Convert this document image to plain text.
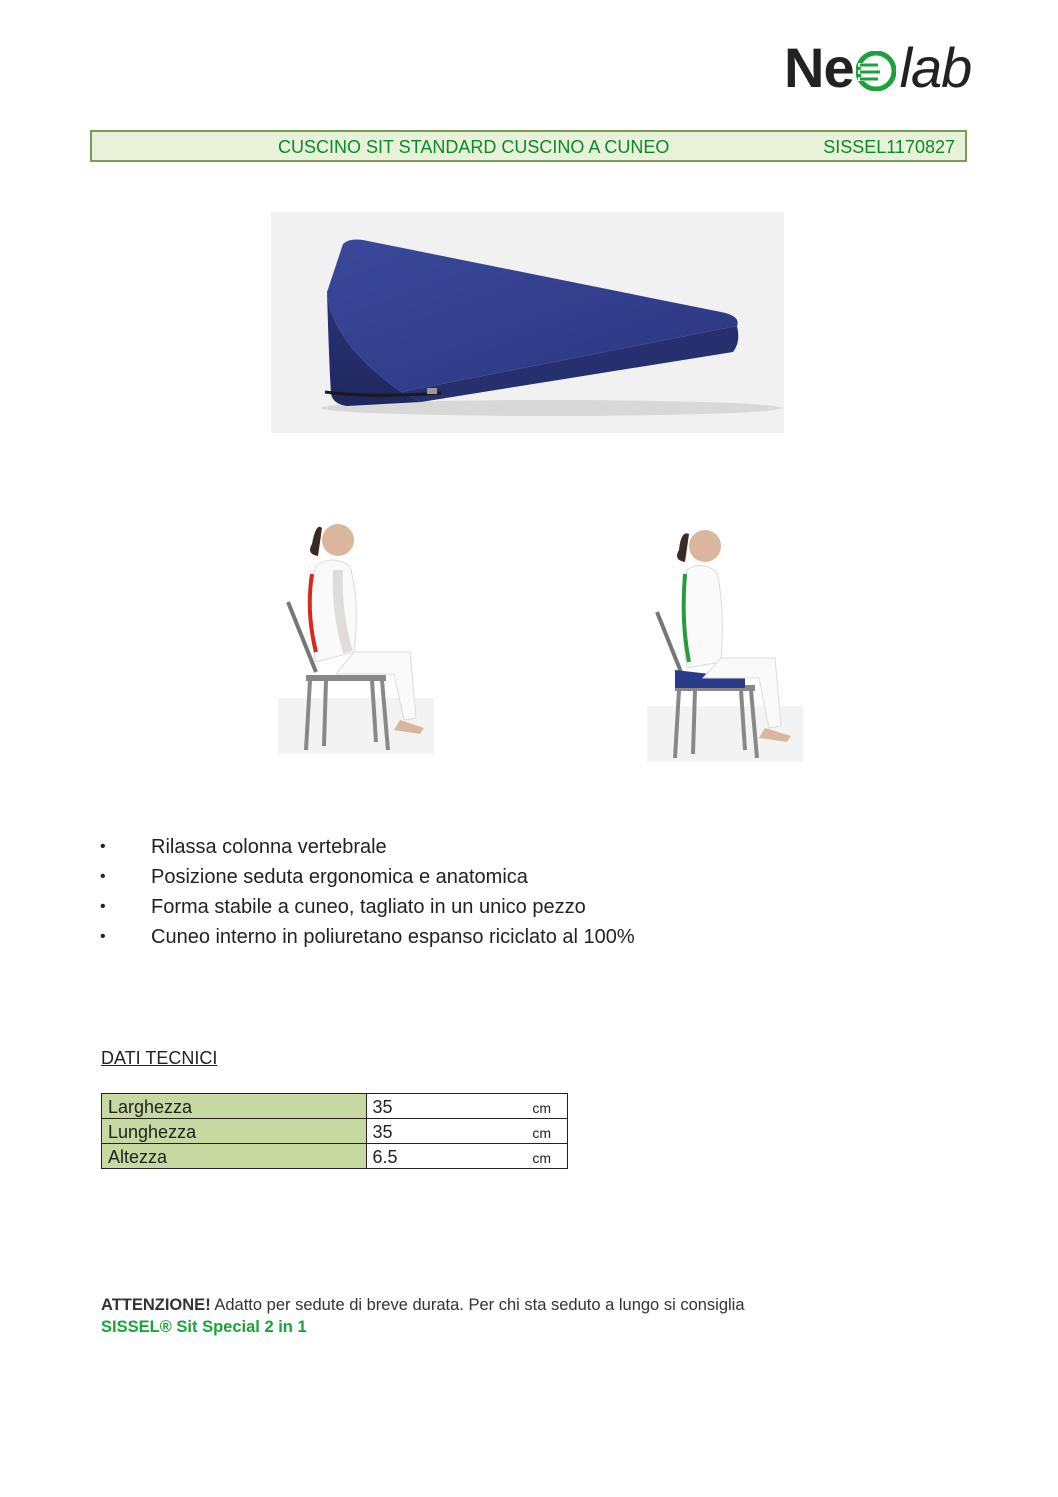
Ne lab
CUSCINO SIT STANDARD CUSCINO A CUNEO	SISSEL1170827
•	Rilassa colonna vertebrale
•	Posizione seduta ergonomica e anatomica
•	Forma stabile a cuneo, tagliato in un unico pezzo
•	Cuneo interno in poliuretano espanso riciclato al 100%
DATI TECNICI
Larghezza	35 cm

Lunghezza	35 cm

Altezza	6.5 cm
ATTENZIONE! Adatto per sedute di breve durata. Per chi sta seduto a lungo si consiglia
SISSEL® Sit Special 2 in 1
